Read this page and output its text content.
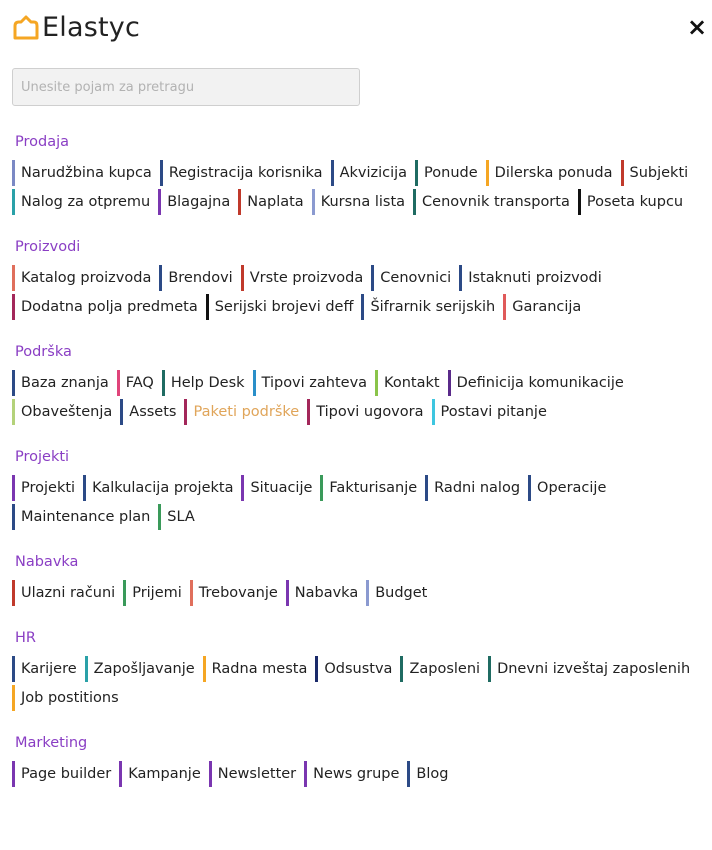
Elastyc	×
Unesite pojam za pretragu
Prodaja
Narudžbina kupca	Registracija korisnika	Akvizicija	Ponude	Dilerska ponuda	Subjekti
Nalog za otpremu	Blagajna	Naplata	Kursna lista	Cenovnik transporta	Poseta kupcu
Proizvodi
Katalog proizvoda	Brendovi	Vrste proizvoda	Cenovnici	Istaknuti proizvodi
Dodatna polja predmeta	Serijski brojevi deff	Šifrarnik serijskih	Garancija
Podrška
Baza znanja	FAQ	Help Desk	Tipovi zahteva	Kontakt	Definicija komunikacije
Obaveštenja	Assets	Paketi podrške	Tipovi ugovora	Postavi pitanje
Projekti
Projekti	Kalkulacija projekta	Situacije	Fakturisanje	Radni nalog	Operacije
Maintenance plan	SLA
Nabavka
Ulazni računi	Prijemi	Trebovanje	Nabavka	Budget
HR
Karijere	Zapošljavanje	Radna mesta	Odsustva	Zaposleni	Dnevni izveštaj zaposlenih
Job postitions
Marketing
Page builder	Kampanje	Newsletter	News grupe	Blog
